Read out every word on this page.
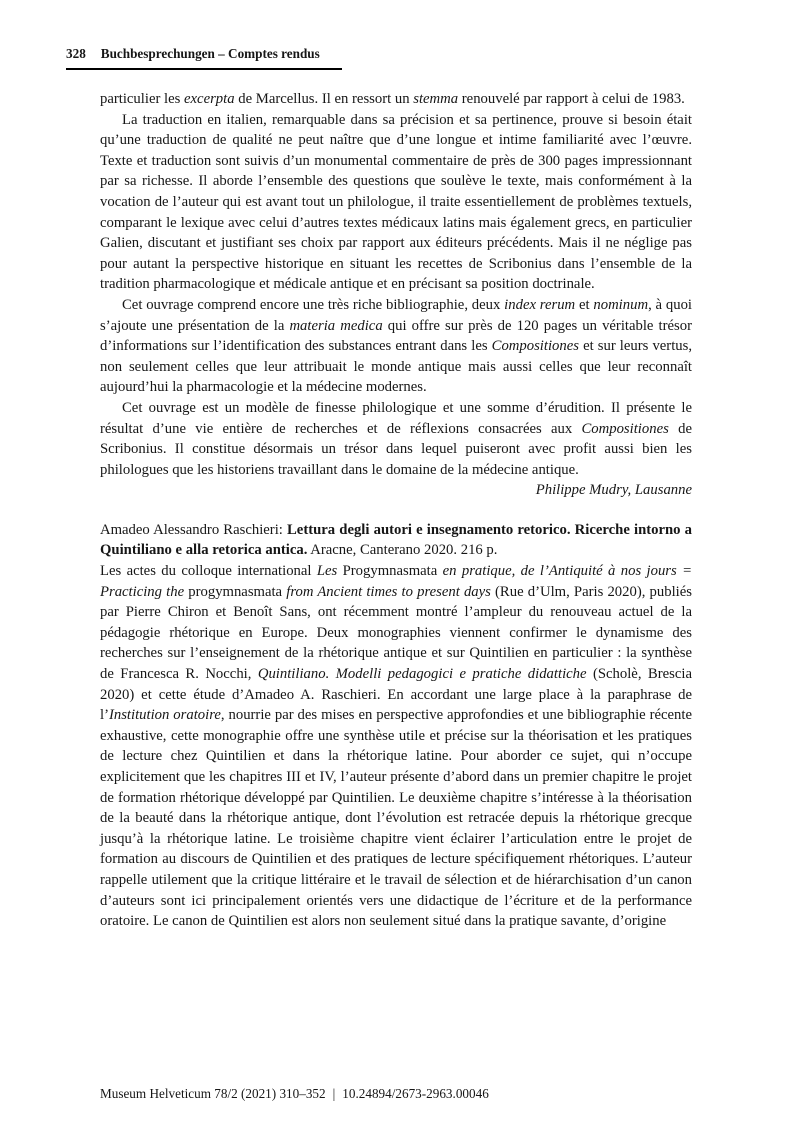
328 Buchbesprechungen – Comptes rendus

particulier les excerpta de Marcellus. Il en ressort un stemma renouvelé par rapport à celui de 1983.

La traduction en italien, remarquable dans sa précision et sa pertinence, prouve si besoin était qu’une traduction de qualité ne peut naître que d’une longue et intime familiarité avec l’œuvre. Texte et traduction sont suivis d’un monumental commentaire de près de 300 pages impressionnant par sa richesse. Il aborde l’ensemble des questions que soulève le texte, mais conformément à la vocation de l’auteur qui est avant tout un philologue, il traite essentiellement de problèmes textuels, comparant le lexique avec celui d’autres textes médicaux latins mais également grecs, en particulier Galien, discutant et justifiant ses choix par rapport aux éditeurs précédents. Mais il ne néglige pas pour autant la perspective historique en situant les recettes de Scribonius dans l’ensemble de la tradition pharmacologique et médicale antique et en précisant sa position doctrinale.

Cet ouvrage comprend encore une très riche bibliographie, deux index rerum et nominum, à quoi s’ajoute une présentation de la materia medica qui offre sur près de 120 pages un véritable trésor d’informations sur l’identification des substances entrant dans les Compositiones et sur leurs vertus, non seulement celles que leur attribuait le monde antique mais aussi celles que leur reconnaît aujourd’hui la pharmacologie et la médecine modernes.

Cet ouvrage est un modèle de finesse philologique et une somme d’érudition. Il présente le résultat d’une vie entière de recherches et de réflexions consacrées aux Compositiones de Scribonius. Il constitue désormais un trésor dans lequel puiseront avec profit aussi bien les philologues que les historiens travaillant dans le domaine de la médecine antique.

Philippe Mudry, Lausanne

Amadeo Alessandro Raschieri: Lettura degli autori e insegnamento retorico. Ricerche intorno a Quintiliano e alla retorica antica. Aracne, Canterano 2020. 216 p.

Les actes du colloque international Les Progymnasmata en pratique, de l’Antiquité à nos jours = Practicing the progymnasmata from Ancient times to present days (Rue d’Ulm, Paris 2020), publiés par Pierre Chiron et Benoît Sans, ont récemment montré l’ampleur du renouveau actuel de la pédagogie rhétorique en Europe. Deux monographies viennent confirmer le dynamisme des recherches sur l’enseignement de la rhétorique antique et sur Quintilien en particulier : la synthèse de Francesca R. Nocchi, Quintiliano. Modelli pedagogici e pratiche didattiche (Scholè, Brescia 2020) et cette étude d’Amadeo A. Raschieri. En accordant une large place à la paraphrase de l’Institution oratoire, nourrie par des mises en perspective approfondies et une bibliographie récente exhaustive, cette monographie offre une synthèse utile et précise sur la théorisation et les pratiques de lecture chez Quintilien et dans la rhétorique latine. Pour aborder ce sujet, qui n’occupe explicitement que les chapitres III et IV, l’auteur présente d’abord dans un premier chapitre le projet de formation rhétorique développé par Quintilien. Le deuxième chapitre s’intéresse à la théorisation de la beauté dans la rhétorique antique, dont l’évolution est retracée depuis la rhétorique grecque jusqu’à la rhétorique latine. Le troisième chapitre vient éclairer l’articulation entre le projet de formation au discours de Quintilien et des pratiques de lecture spécifiquement rhétoriques. L’auteur rappelle utilement que la critique littéraire et le travail de sélection et de hiérarchisation d’un canon d’auteurs sont ici principalement orientés vers une didactique de l’écriture et de la performance oratoire. Le canon de Quintilien est alors non seulement situé dans la pratique savante, d’origine

Museum Helveticum 78/2 (2021) 310–352 | 10.24894/2673-2963.00046
